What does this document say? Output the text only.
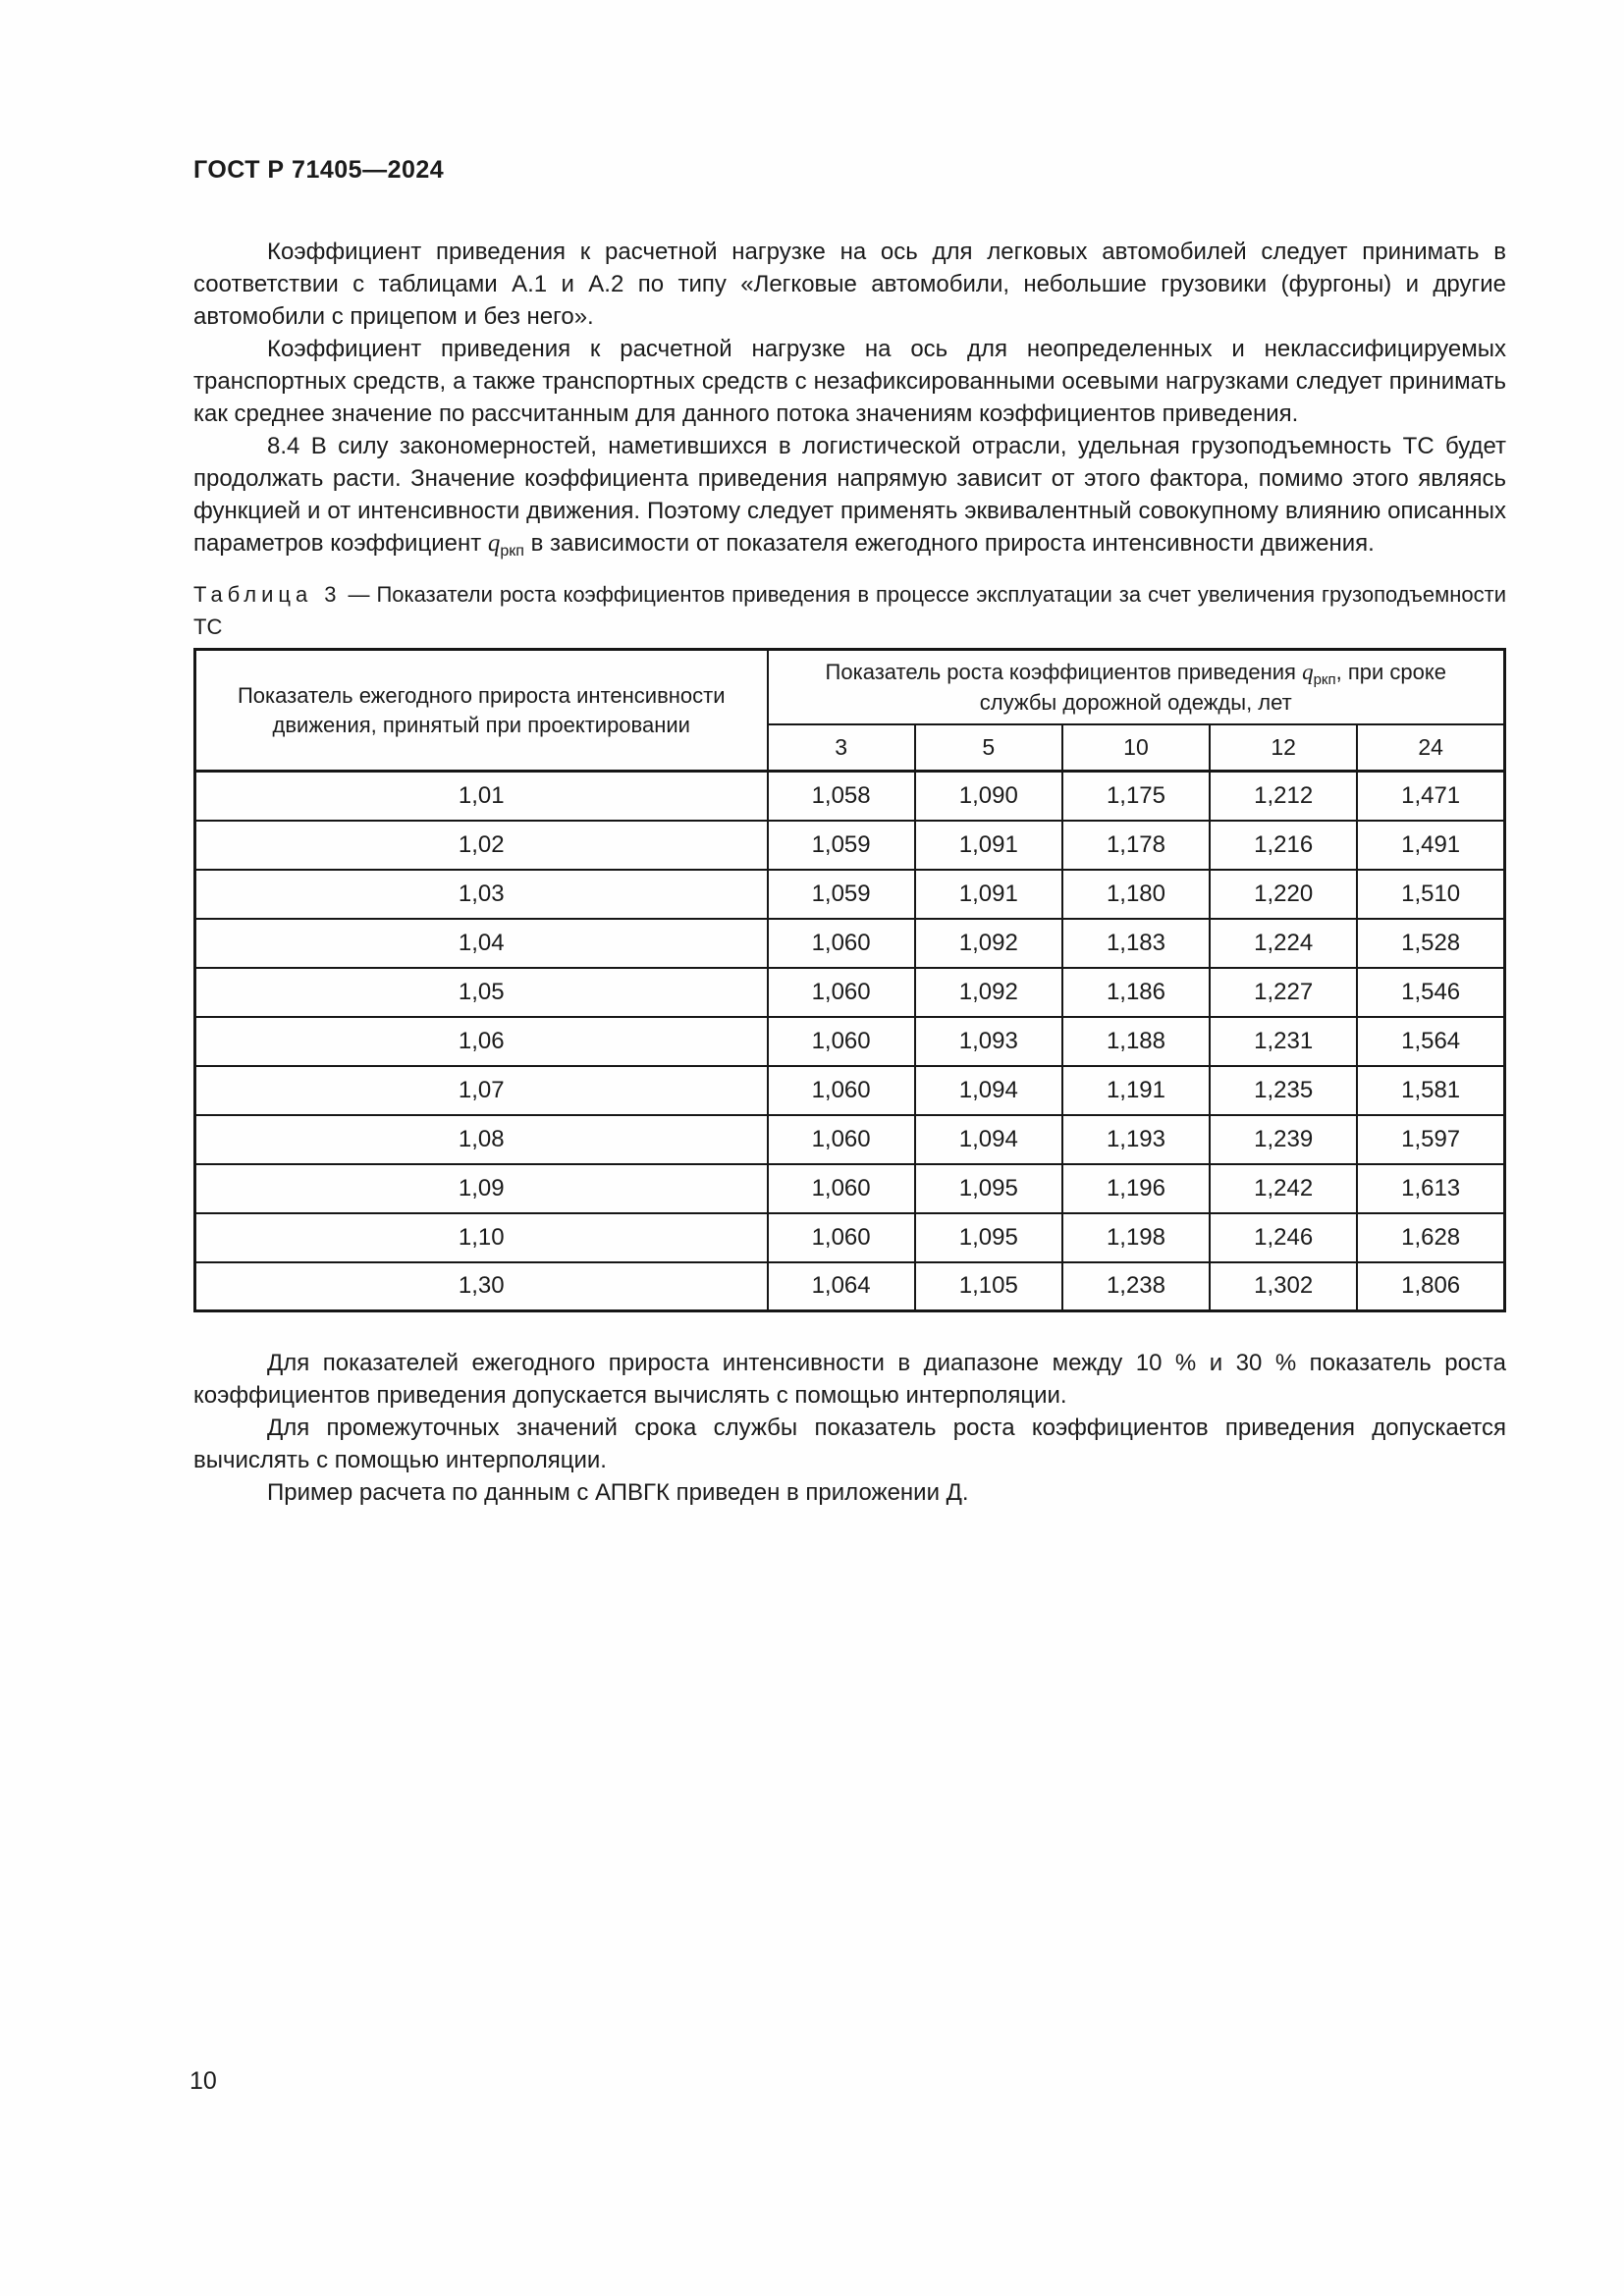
ГОСТ Р 71405—2024

Коэффициент приведения к расчетной нагрузке на ось для легковых автомобилей следует принимать в соответствии с таблицами А.1 и А.2 по типу «Легковые автомобили, небольшие грузовики (фургоны) и другие автомобили с прицепом и без него».

Коэффициент приведения к расчетной нагрузке на ось для неопределенных и неклассифицируемых транспортных средств, а также транспортных средств с незафиксированными осевыми нагрузками следует принимать как среднее значение по рассчитанным для данного потока значениям коэффициентов приведения.

8.4 В силу закономерностей, наметившихся в логистической отрасли, удельная грузоподъемность ТС будет продолжать расти. Значение коэффициента приведения напрямую зависит от этого фактора, помимо этого являясь функцией и от интенсивности движения. Поэтому следует применять эквивалентный совокупному влиянию описанных параметров коэффициент $q_{ркп}$ в зависимости от показателя ежегодного прироста интенсивности движения.

Таблица 3 — Показатели роста коэффициентов приведения в процессе эксплуатации за счет увеличения грузоподъемности ТС

Показатель ежегодного прироста интенсивности движения, принятый при проектировании	Показатель роста коэффициентов приведения $q_{ркп}$, при сроке службы дорожной одежды, лет				
	3	5	10	12	24
1,01	1,058	1,090	1,175	1,212	1,471
1,02	1,059	1,091	1,178	1,216	1,491
1,03	1,059	1,091	1,180	1,220	1,510
1,04	1,060	1,092	1,183	1,224	1,528
1,05	1,060	1,092	1,186	1,227	1,546
1,06	1,060	1,093	1,188	1,231	1,564
1,07	1,060	1,094	1,191	1,235	1,581
1,08	1,060	1,094	1,193	1,239	1,597
1,09	1,060	1,095	1,196	1,242	1,613
1,10	1,060	1,095	1,198	1,246	1,628
1,30	1,064	1,105	1,238	1,302	1,806

Для показателей ежегодного прироста интенсивности в диапазоне между 10 % и 30 % показатель роста коэффициентов приведения допускается вычислять с помощью интерполяции.

Для промежуточных значений срока службы показатель роста коэффициентов приведения допускается вычислять с помощью интерполяции.

Пример расчета по данным с АПВГК приведен в приложении Д.

10
